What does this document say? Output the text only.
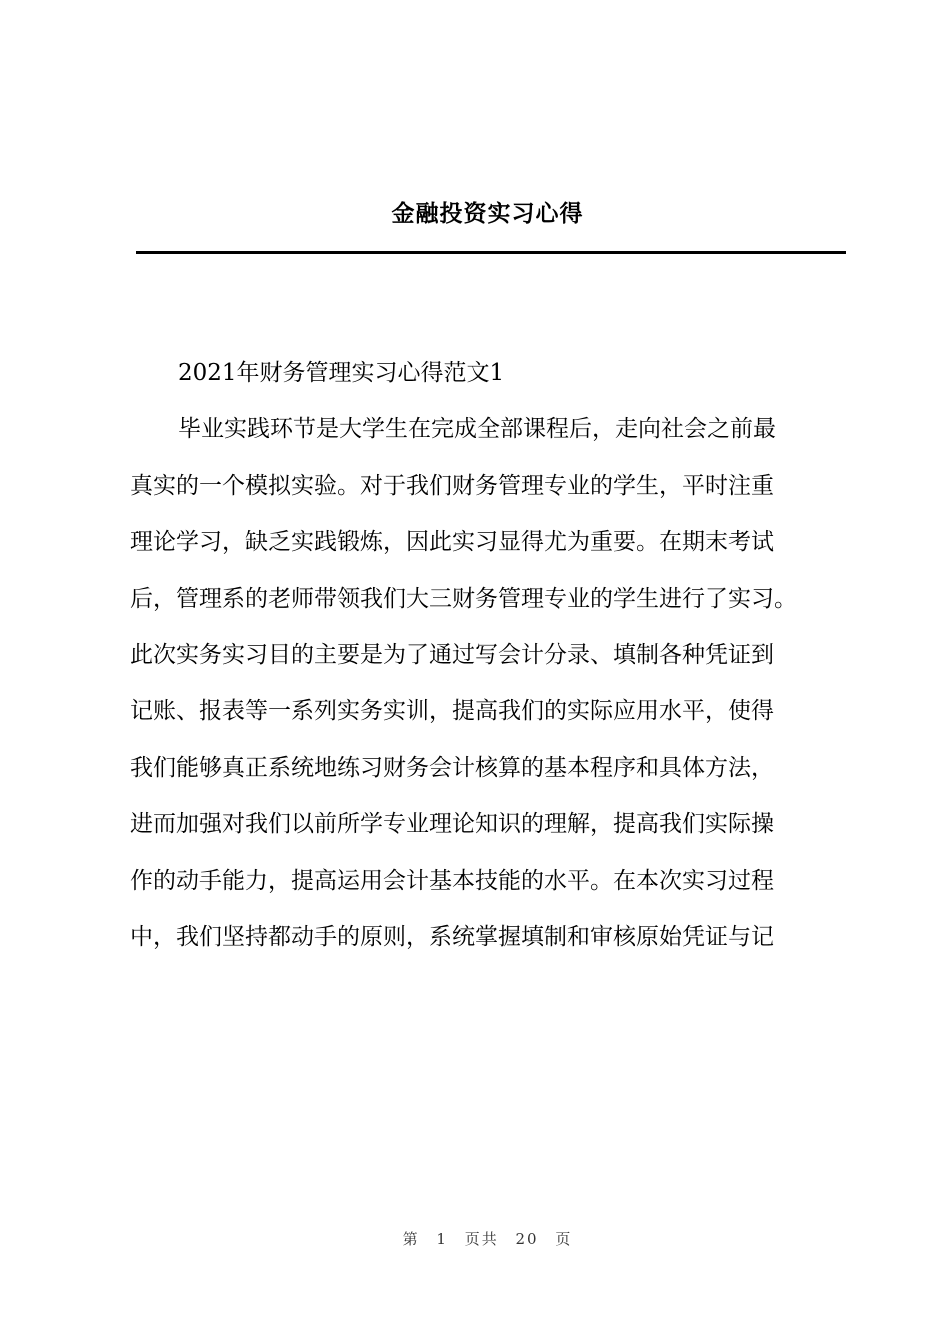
金融投资实习心得
2021年财务管理实习心得范文1
毕业实践环节是大学生在完成全部课程后，走向社会之前最
真实的一个模拟实验。对于我们财务管理专业的学生，平时注重
理论学习，缺乏实践锻炼，因此实习显得尤为重要。在期末考试
后，管理系的老师带领我们大三财务管理专业的学生进行了实习。
此次实务实习目的主要是为了通过写会计分录、填制各种凭证到
记账、报表等一系列实务实训，提高我们的实际应用水平，使得
我们能够真正系统地练习财务会计核算的基本程序和具体方法，
进而加强对我们以前所学专业理论知识的理解，提高我们实际操
作的动手能力，提高运用会计基本技能的水平。在本次实习过程
中，我们坚持都动手的原则，系统掌握填制和审核原始凭证与记
第 1 页共 20 页
